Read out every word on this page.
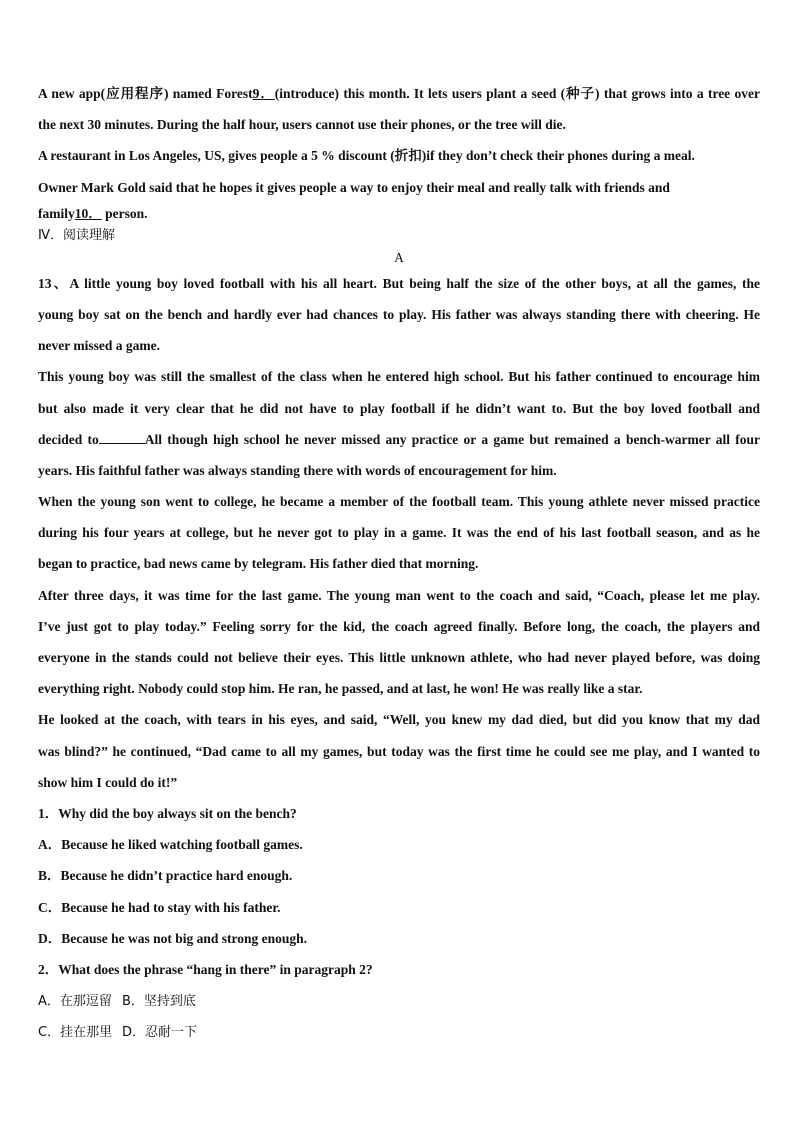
A new app(应用程序) named Forest9．(introduce) this month. It lets users plant a seed (种子) that grows into a tree over
the next 30 minutes. During the half hour, users cannot use their phones, or the tree will die.
A restaurant in Los Angeles, US, gives people a 5 % discount (折扣)if they don’t check their phones during a meal.
Owner Mark Gold said that he hopes it gives people a way to enjoy their meal and really talk with friends and
family10． person.
Ⅳ．阅读理解
A
13、A little young boy loved football with his all heart. But being half the size of the other boys, at all the games, the
young boy sat on the bench and hardly ever had chances to play. His father was always standing there with cheering. He
never missed a game.
This young boy was still the smallest of the class when he entered high school. But his father continued to encourage him
but also made it very clear that he did not have to play football if he didn’t want to. But the boy loved football and
decided to	All though high school he never missed any practice or a game but remained a bench-warmer all four
years. His faithful father was always standing there with words of encouragement for him.
When the young son went to college, he became a member of the football team. This young athlete never missed practice
during his four years at college, but he never got to play in a game. It was the end of his last football season, and as he
began to practice, bad news came by telegram. His father died that morning.
After three days, it was time for the last game. The young man went to the coach and said, “Coach, please let me play.
I’ve just got to play today.” Feeling sorry for the kid, the coach agreed finally. Before long, the coach, the players and
everyone in the stands could not believe their eyes. This little unknown athlete, who had never played before, was doing
everything right. Nobody could stop him. He ran, he passed, and at last, he won! He was really like a star.
He looked at the coach, with tears in his eyes, and said, “Well, you knew my dad died, but did you know that my dad
was blind?” he continued, “Dad came to all my games, but today was the first time he could see me play, and I wanted to
show him I could do it!”
1．Why did the boy always sit on the bench?
A．Because he liked watching football games.
B．Because he didn’t practice hard enough.
C．Because he had to stay with his father.
D．Because he was not big and strong enough.
2．What does the phrase “hang in there” in paragraph 2?
A．在那逗留 B．坚持到底
C．挂在那里 D．忍耐一下
